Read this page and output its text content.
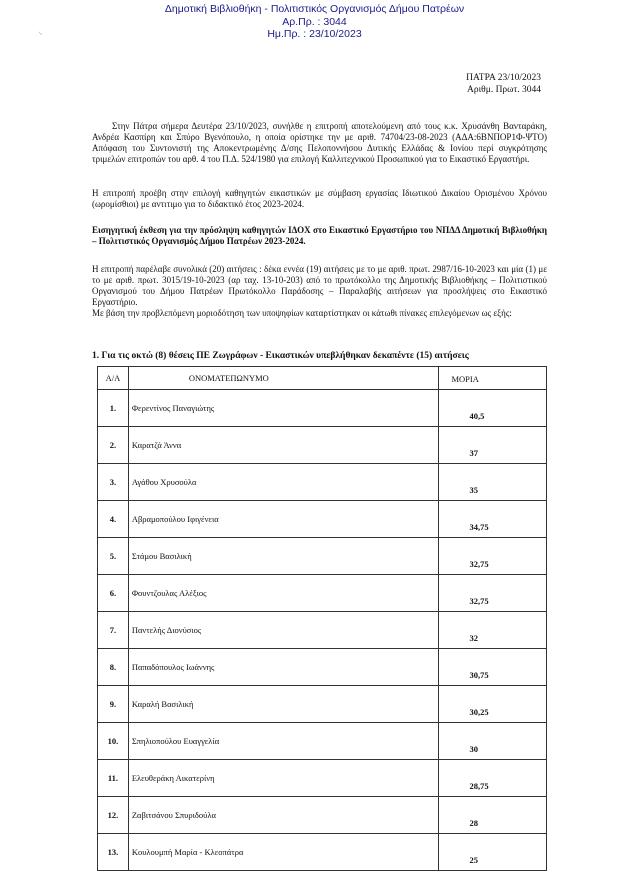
Δημοτική Βιβλιοθήκη - Πολιτιστικός Οργανισμός Δήμου Πατρέων
Αρ.Πρ. : 3044
Ημ.Πρ. : 23/10/2023
⸌
ΠΑΤΡΑ 23/10/2023
Αριθμ. Πρωτ. 3044
Στην Πάτρα σήμερα Δευτέρα 23/10/2023, συνήλθε η επιτροπή αποτελούμενη από τους κ.κ. Χρυσάνθη Βανταράκη, Ανδρέα Κασπίρη και Σπύρο Βγενόπουλο, η οποία ορίστηκε την με αριθ. 74704/23-08-2023 (ΑΔΑ:6ΒΝΠΟΡ1Φ-ΨΤΟ) Απόφαση του Συντονιστή της Αποκεντρωμένης Δ/σης Πελοποννήσου Δυτικής Ελλάδας & Ιονίου περί συγκρότησης τριμελών επιτροπών του αρθ. 4 του Π.Δ. 524/1980 για επιλογή Καλλιτεχνικού Προσωπικού για το Εικαστικό Εργαστήρι.
Η επιτροπή προέβη στην επιλογή καθηγητών εικαστικών με σύμβαση εργασίας Ιδιωτικού Δικαίου Ορισμένου Χρόνου (ωρομίσθιοι) με αντιτιμο για το διδακτικό έτος 2023-2024.
Εισηγητική έκθεση για την πρόσληψη καθηγητών ΙΔΟΧ στο Εικαστικό Εργαστήριο του ΝΠΔΔ Δημοτική Βιβλιοθήκη – Πολιτιστικός Οργανισμός Δήμου Πατρέων 2023-2024.
Η επιτροπή παρέλαβε συνολικά (20) αιτήσεις : δέκα εννέα (19) αιτήσεις με το με αριθ. πρωτ. 2987/16-10-2023 και μία (1) με το με αριθ. πρωτ. 3015/19-10-2023 (αρ ταχ. 13-10-203) από το πρωτόκολλο της Δημοτικής Βιβλιοθήκης – Πολιτιστικού Οργανισμού του Δήμου Πατρέων Πρωτόκολλο Παράδοσης – Παραλαβής αιτήσεων για προσλήψεις στο Εικαστικό Εργαστήριο.
Με βάση την προβλεπόμενη μοριοδότηση των υποψηφίων καταρτίστηκαν οι κάτωθι πίνακες επιλεγόμενων ως εξής:
1. Για τις οκτώ (8) θέσεις ΠΕ Ζωγράφων - Εικαστικών υπεβλήθηκαν δεκαπέντε (15) αιτήσεις
Α/Α	ΟΝΟΜΑΤΕΠΩΝΥΜΟ	ΜΟΡΙΑ
1.	Φερεντίνος Παναγιώτης	40,5
2.	Καρατζά Άννα	37
3.	Αγάθου Χρυσούλα	35
4.	Αβραμοπούλου Ιφιγένεια	34,75
5.	Στάμου Βασιλική	32,75
6.	Φουντζουλας Αλέξιος	32,75
7.	Παντελής Διονύσιος	32
8.	Παπαδόπουλος Ιωάννης	30,75
9.	Καραλή Βασιλική	30,25
10.	Σπηλιοπούλου Ευαγγελία	30
11.	Ελευθεράκη Αικατερίνη	28,75
12.	Ζαβιτσάνου Σπυριδούλα	28
13.	Κουλουμπή Μαρία - Κλεοπάτρα	25
